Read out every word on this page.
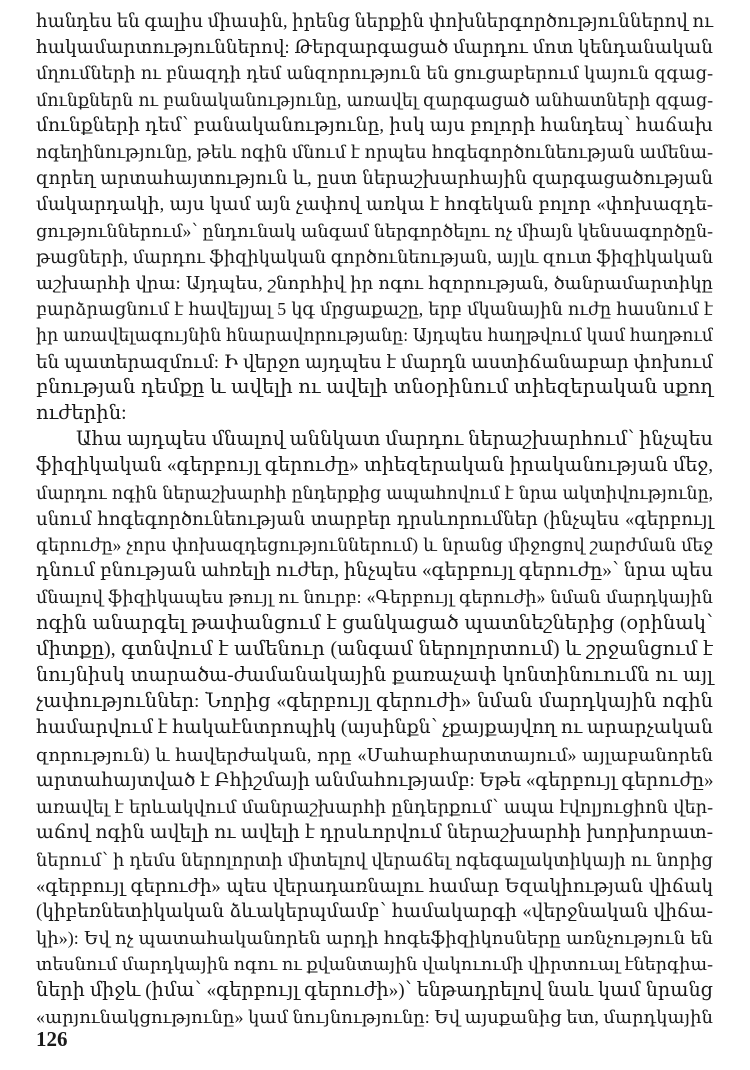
հանդես են գալիս միասին, իրենց ներքին փոխներգործություններով ու
հակամարտություններով: Թերզարգացած մարդու մոտ կենդանական
մղումների ու բնազդի դեմ անզորություն են ցուցաբերում կայուն զգաց-
մունքներն ու բանականությունը, առավել զարգացած անհատների զգաց-
մունքների դեմ՝ բանականությունը, իսկ այս բոլորի հանդեպ՝ հաճախ
ոգեղինությունը, թեև ոգին մնում է որպես հոգեգործունեության ամենա-
զորեղ արտահայտություն և, ըստ ներաշխարհային զարգացածության
մակարդակի, այս կամ այն չափով առկա է հոգեկան բոլոր «փոխազդե-
ցություններում»՝ ընդունակ անգամ ներգործելու ոչ միայն կենսագործըն-
թացների, մարդու ֆիզիկական գործունեության, այլև զուտ ֆիզիկական
աշխարհի վրա: Այդպես, շնորհիվ իր ոգու հզորության, ծանրամարտիկը
բարձրացնում է հավելյալ 5 կգ մրցաքաշը, երբ մկանային ուժը հասնում է
իր առավելագույնին հնարավորությանը: Այդպես հաղթվում կամ հաղթում
են պատերազմում: Ի վերջո այդպես է մարդն աստիճանաբար փոխում
բնության դեմքը և ավելի ու ավելի տնօրինում տիեզերական սքող
ուժերին:

Ահա այդպես մնալով աննկատ մարդու ներաշխարհում՝ ինչպես
ֆիզիկական «գերբույլ գերուժը» տիեզերական իրականության մեջ,
մարդու ոգին ներաշխարհի ընդերքից ապահովում է նրա ակտիվությունը,
սնում հոգեգործունեության տարբեր դրսևորումներ (ինչպես «գերբույլ
գերուժը» չորս փոխազդեցություններում) և նրանց միջոցով շարժման մեջ
դնում բնության աhռելի ուժեր, ինչպես «գերբույլ գերուժը»՝ նրա պես
մնալով ֆիզիկապես թույլ ու նուրբ: «Գերբույլ գերուժի» նման մարդկային
ոգին անարգել թափանցում է ցանկացած պատնեշներից (օրինակ՝
միտքը), գտնվում է ամենուր (անգամ ներոլորտում) և շրջանցում է
նույնիսկ տարածա-ժամանակային քառաչափ կոնտինուումն ու այլ
չափություններ: Նորից «գերբույլ գերուժի» նման մարդկային ոգին
համարվում է հակաէնտրոպիկ (այսինքն՝ չքայքայվող ու արարչական
զորություն) և հավերժական, որը «Մահաբհարտտայում» այլաբանորեն
արտահայտված է Բհիշմայի անմահությամբ: Եթե «գերբույլ գերուժը»
առավել է երևակվում մանրաշխարհի ընդերքում՝ ապա էվոլյուցիոն վեր-
աճով ոգին ավելի ու ավելի է դրսևորվում ներաշխարհի խորխորատ-
ներում՝ ի դեմս ներոլորտի միտելով վերաճել ոգեգալակտիկայի ու նորից
«գերբույլ գերուժի» պես վերադառնալու համար Եզակիության վիճակ
(կիբեռնետիկական ձևակերպմամբ՝ համակարգի «վերջնական վիճա-
կի»): Եվ ոչ պատահականորեն արդի հոգեֆիզիկոսները առնչություն են
տեսնում մարդկային ոգու ու քվանտային վակուումի վիրտուալ էներգիա-
ների միջև (իմա՝ «գերբույլ գերուժի»)՝ ենթադրելով նաև կամ նրանց
«արյունակցությունը» կամ նույնությունը: Եվ այսքանից ետ, մարդկային

126
